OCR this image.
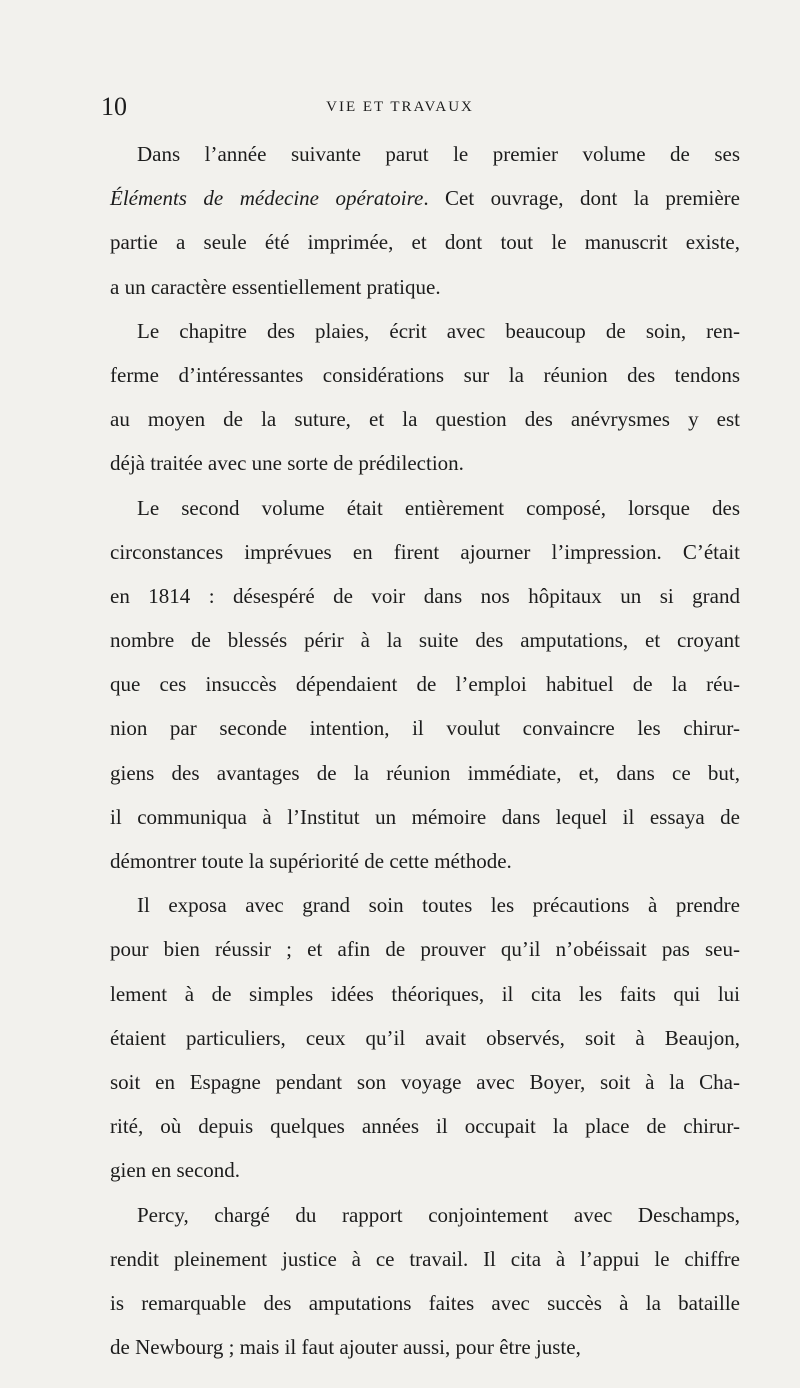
10	VIE ET TRAVAUX
Dans l’année suivante parut le premier volume de ses
Éléments de médecine opératoire. Cet ouvrage, dont la première
partie a seule été imprimée, et dont tout le manuscrit existe,
a un caractère essentiellement pratique.
Le chapitre des plaies, écrit avec beaucoup de soin, ren-
ferme d’intéressantes considérations sur la réunion des tendons
au moyen de la suture, et la question des anévrysmes y est
déjà traitée avec une sorte de prédilection.
Le second volume était entièrement composé, lorsque des
circonstances imprévues en firent ajourner l’impression. C’était
en 1814 : désespéré de voir dans nos hôpitaux un si grand
nombre de blessés périr à la suite des amputations, et croyant
que ces insuccès dépendaient de l’emploi habituel de la réu-
nion par seconde intention, il voulut convaincre les chirur-
giens des avantages de la réunion immédiate, et, dans ce but,
il communiqua à l’Institut un mémoire dans lequel il essaya de
démontrer toute la supériorité de cette méthode.
Il exposa avec grand soin toutes les précautions à prendre
pour bien réussir ; et afin de prouver qu’il n’obéissait pas seu-
lement à de simples idées théoriques, il cita les faits qui lui
étaient particuliers, ceux qu’il avait observés, soit à Beaujon,
soit en Espagne pendant son voyage avec Boyer, soit à la Cha-
rité, où depuis quelques années il occupait la place de chirur-
gien en second.
Percy, chargé du rapport conjointement avec Deschamps,
rendit pleinement justice à ce travail. Il cita à l’appui le chiffre
is remarquable des amputations faites avec succès à la bataille
de Newbourg ; mais il faut ajouter aussi, pour être juste,
